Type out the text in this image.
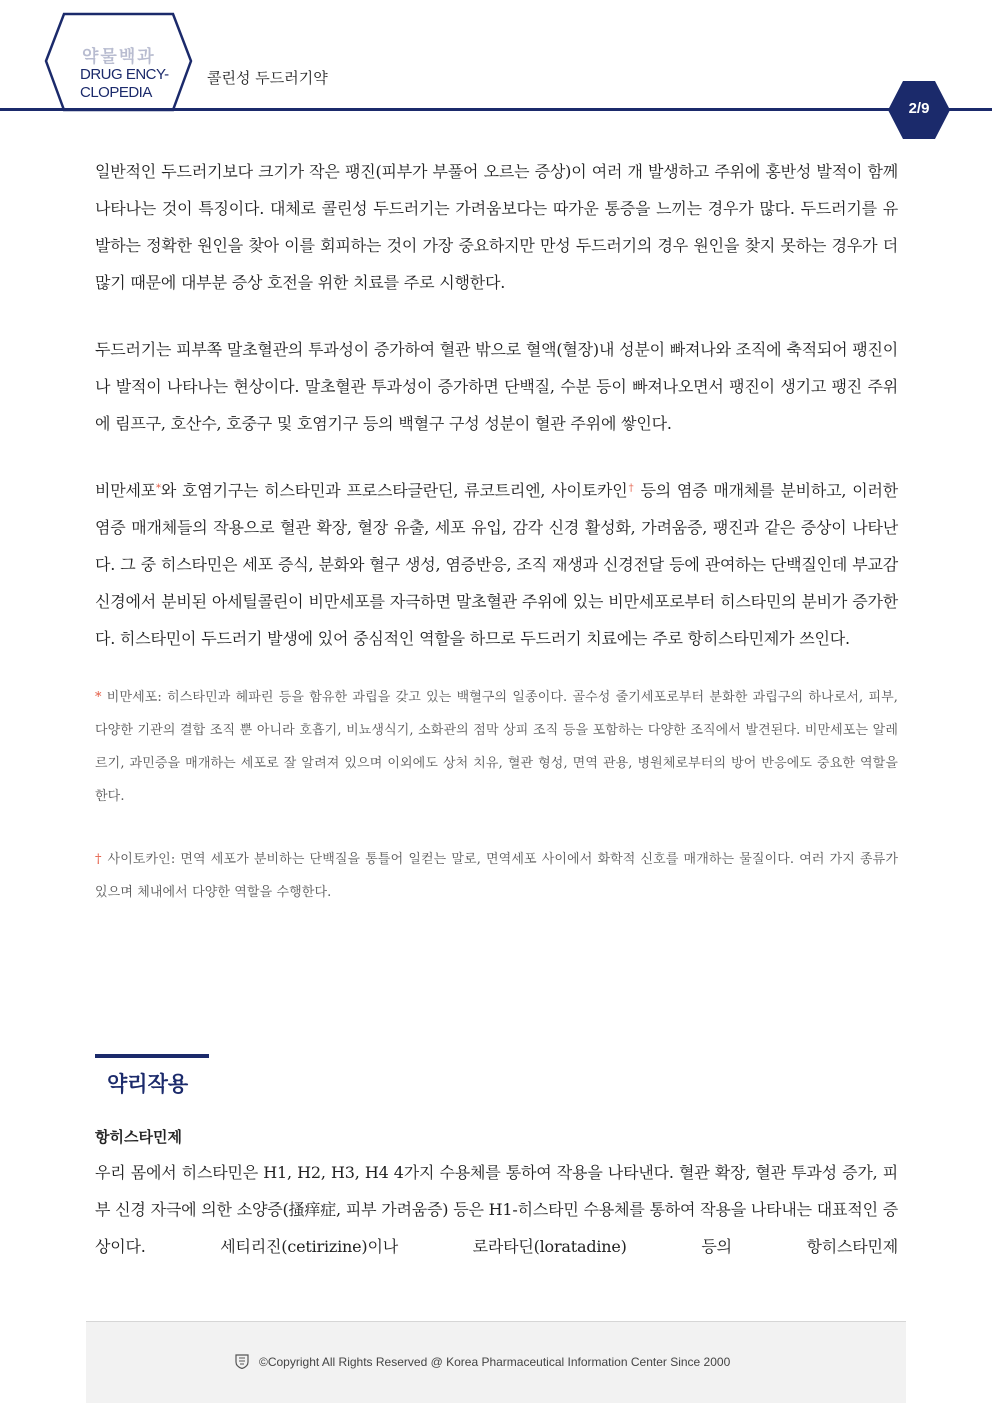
약물백과
DRUG ENCY-
CLOPEDIA
콜린성 두드러기약
2/9

일반적인 두드러기보다 크기가 작은 팽진(피부가 부풀어 오르는 증상)이 여러 개 발생하고 주위에 홍반성 발적이 함께 나타나는 것이 특징이다. 대체로 콜린성 두드러기는 가려움보다는 따가운 통증을 느끼는 경우가 많다. 두드러기를 유발하는 정확한 원인을 찾아 이를 회피하는 것이 가장 중요하지만 만성 두드러기의 경우 원인을 찾지 못하는 경우가 더 많기 때문에 대부분 증상 호전을 위한 치료를 주로 시행한다.

두드러기는 피부쪽 말초혈관의 투과성이 증가하여 혈관 밖으로 혈액(혈장)내 성분이 빠져나와 조직에 축적되어 팽진이나 발적이 나타나는 현상이다. 말초혈관 투과성이 증가하면 단백질, 수분 등이 빠져나오면서 팽진이 생기고 팽진 주위에 림프구, 호산수, 호중구 및 호염기구 등의 백혈구 구성 성분이 혈관 주위에 쌓인다.

비만세포*와 호염기구는 히스타민과 프로스타글란딘, 류코트리엔, 사이토카인† 등의 염증 매개체를 분비하고, 이러한 염증 매개체들의 작용으로 혈관 확장, 혈장 유출, 세포 유입, 감각 신경 활성화, 가려움증, 팽진과 같은 증상이 나타난다. 그 중 히스타민은 세포 증식, 분화와 혈구 생성, 염증반응, 조직 재생과 신경전달 등에 관여하는 단백질인데 부교감신경에서 분비된 아세틸콜린이 비만세포를 자극하면 말초혈관 주위에 있는 비만세포로부터 히스타민의 분비가 증가한다. 히스타민이 두드러기 발생에 있어 중심적인 역할을 하므로 두드러기 치료에는 주로 항히스타민제가 쓰인다.

* 비만세포: 히스타민과 헤파린 등을 함유한 과립을 갖고 있는 백혈구의 일종이다. 골수성 줄기세포로부터 분화한 과립구의 하나로서, 피부, 다양한 기관의 결합 조직 뿐 아니라 호흡기, 비뇨생식기, 소화관의 점막 상피 조직 등을 포함하는 다양한 조직에서 발견된다. 비만세포는 알레르기, 과민증을 매개하는 세포로 잘 알려져 있으며 이외에도 상처 치유, 혈관 형성, 면역 관용, 병원체로부터의 방어 반응에도 중요한 역할을 한다.

† 사이토카인: 면역 세포가 분비하는 단백질을 통틀어 일컫는 말로, 면역세포 사이에서 화학적 신호를 매개하는 물질이다. 여러 가지 종류가 있으며 체내에서 다양한 역할을 수행한다.

약리작용
항히스타민제

우리 몸에서 히스타민은 H1, H2, H3, H4 4가지 수용체를 통하여 작용을 나타낸다. 혈관 확장, 혈관 투과성 증가, 피부 신경 자극에 의한 소양증(搔痒症, 피부 가려움증) 등은 H1-히스타민 수용체를 통하여 작용을 나타내는 대표적인 증상이다. 세티리진(cetirizine)이나 로라타딘(loratadine) 등의 항히스타민제

©Copyright All Rights Reserved @ Korea Pharmaceutical Information Center Since 2000
